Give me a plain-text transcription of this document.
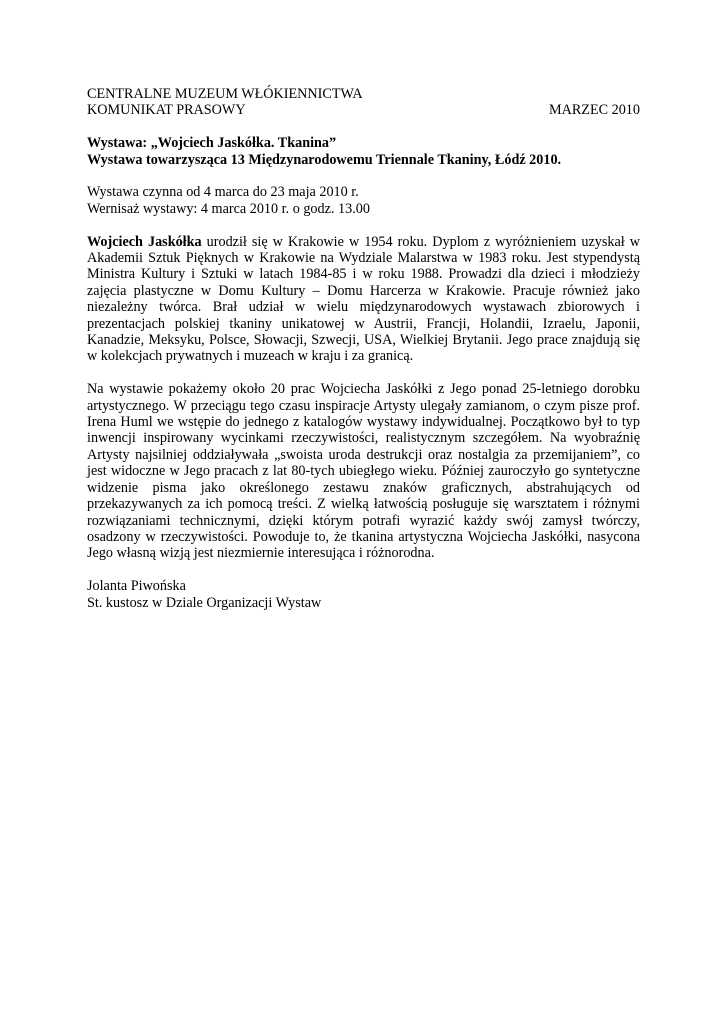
CENTRALNE MUZEUM WŁÓKIENNICTWA
KOMUNIKAT PRASOWY	MARZEC 2010
Wystawa: „Wojciech Jaskółka. Tkanina”
Wystawa towarzysząca 13 Międzynarodowemu Triennale Tkaniny, Łódź 2010.
Wystawa czynna od 4 marca do 23 maja 2010 r.
Wernisaż wystawy: 4 marca 2010 r. o godz. 13.00

Wojciech Jaskółka urodził się w Krakowie w 1954 roku. Dyplom z wyróżnieniem uzyskał w Akademii Sztuk Pięknych w Krakowie na Wydziale Malarstwa w 1983 roku. Jest stypendystą Ministra Kultury i Sztuki w latach 1984-85 i w roku 1988. Prowadzi dla dzieci i młodzieży zajęcia plastyczne w Domu Kultury – Domu Harcerza w Krakowie. Pracuje również jako niezależny twórca. Brał udział w wielu międzynarodowych wystawach zbiorowych i prezentacjach polskiej tkaniny unikatowej w Austrii, Francji, Holandii, Izraelu, Japonii, Kanadzie, Meksyku, Polsce, Słowacji, Szwecji, USA, Wielkiej Brytanii. Jego prace znajdują się w kolekcjach prywatnych i muzeach w kraju i za granicą.

Na wystawie pokażemy około 20 prac Wojciecha Jaskółki z Jego ponad 25-letniego dorobku artystycznego. W przeciągu tego czasu inspiracje Artysty ulegały zamianom, o czym pisze prof. Irena Huml we wstępie do jednego z katalogów wystawy indywidualnej. Początkowo był to typ inwencji inspirowany wycinkami rzeczywistości, realistycznym szczegółem. Na wyobraźnię Artysty najsilniej oddziaływała „swoista uroda destrukcji oraz nostalgia za przemijaniem”, co jest widoczne w Jego pracach z lat 80-tych ubiegłego wieku. Później zauroczyło go syntetyczne widzenie pisma jako określonego zestawu znaków graficznych, abstrahujących od przekazywanych za ich pomocą treści. Z wielką łatwością posługuje się warsztatem i różnymi rozwiązaniami technicznymi, dzięki którym potrafi wyrazić każdy swój zamysł twórczy, osadzony w rzeczywistości. Powoduje to, że tkanina artystyczna Wojciecha Jaskółki, nasycona Jego własną wizją jest niezmiernie interesująca i różnorodna.

Jolanta Piwońska
St. kustosz w Dziale Organizacji Wystaw
